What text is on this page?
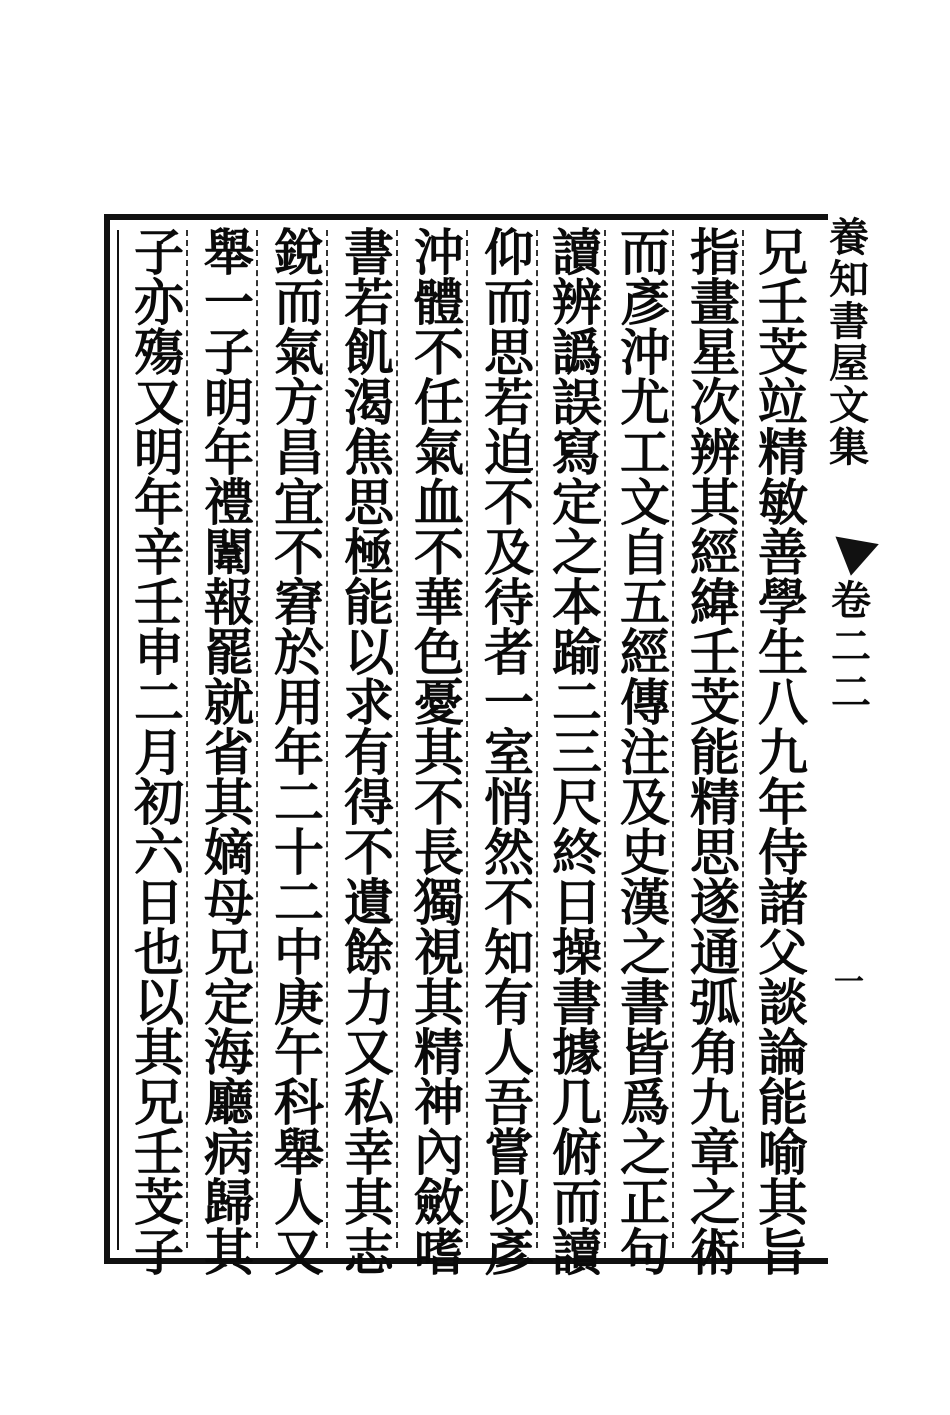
兄
壬
芠
竝
精
敏
善
學
生
八
九
年
侍
諸
父
談
論
能
喻
其
旨
指
畫
星
次
辨
其
經
緯
壬
芠
能
精
思
遂
通
弧
角
九
章
之
術
而
彥
沖
尤
工
文
自
五
經
傳
注
及
史
漢
之
書
皆
爲
之
正
句
讀
辨
譌
誤
寫
定
之
本
踰
二
三
尺
終
日
操
書
據
几
俯
而
讀
仰
而
思
若
迫
不
及
待
者
一
室
悄
然
不
知
有
人
吾
嘗
以
彥
沖
體
不
任
氣
血
不
華
色
憂
其
不
長
獨
視
其
精
神
內
斂
嗜
書
若
飢
渴
焦
思
極
能
以
求
有
得
不
遺
餘
力
又
私
幸
其
志
銳
而
氣
方
昌
宜
不
窘
於
用
年
二
十
二
中
庚
午
科
舉
人
又
舉
一
子
明
年
禮
闈
報
罷
就
省
其
嫡
母
兄
定
海
廳
病
歸
其
子
亦
殤
又
明
年
辛
壬
申
二
月
初
六
日
也
以
其
兄
壬
芠
子
養
知
書
屋
文
集
卷
二
二
一
